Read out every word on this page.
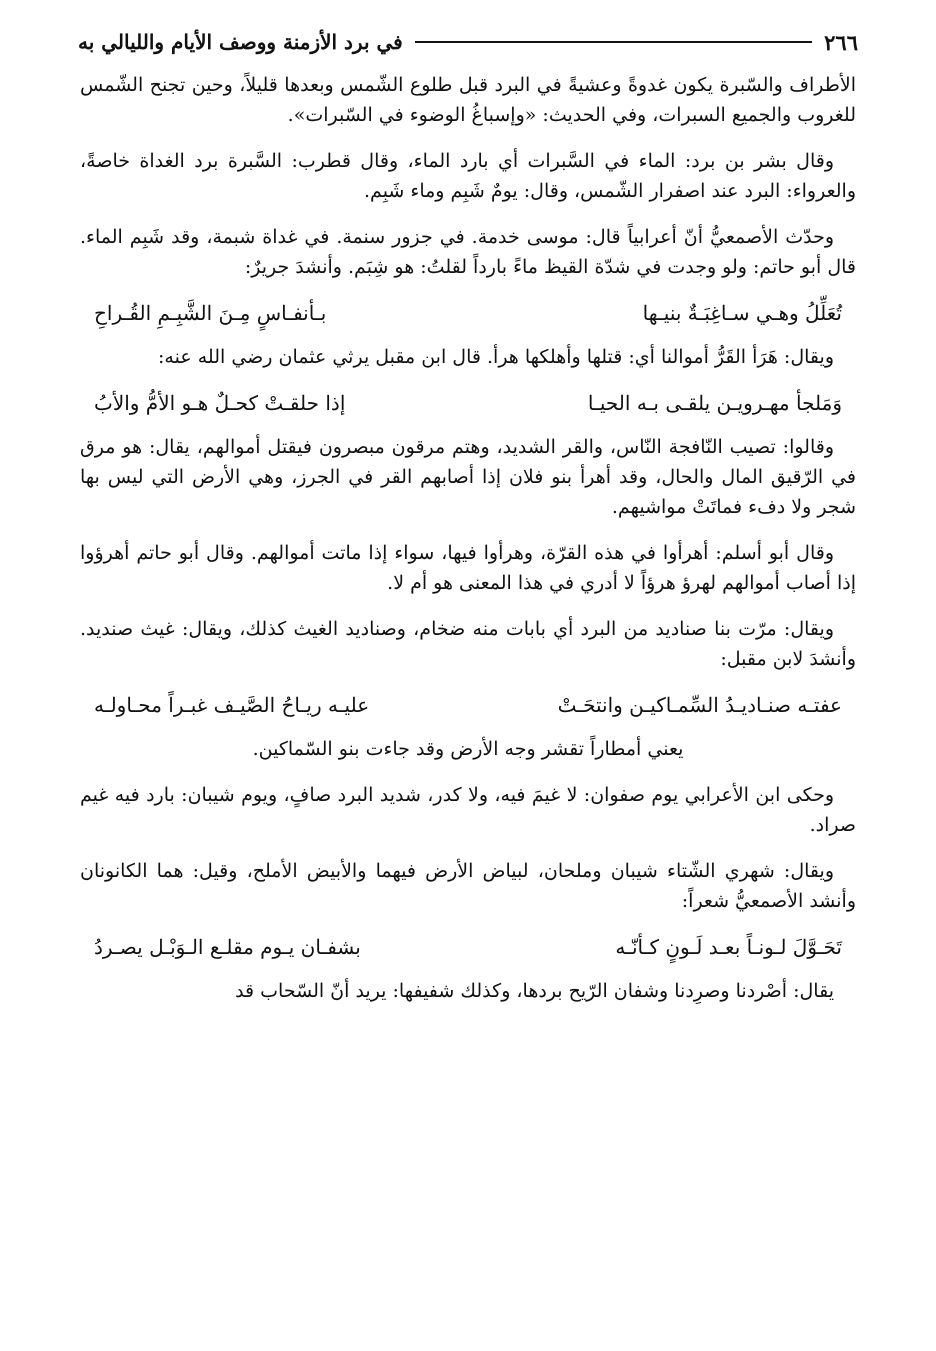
٢٦٦
في برد الأزمنة ووصف الأيام والليالي به

الأطراف والسّبرة يكون غدوةً وعشيةً في البرد قبل طلوع الشّمس وبعدها قليلاً، وحين تجنح الشّمس للغروب والجميع السبرات، وفي الحديث: «وإسباغُ الوضوء في السّبرات».

وقال بشر بن برد: الماء في السَّبرات أي بارد الماء، وقال قطرب: السَّبرة برد الغداة خاصةً، والعرواء: البرد عند اصفرار الشّمس، وقال: يومٌ شَبِم وماء شَبِم.

وحدّث الأصمعيُّ أنّ أعرابياً قال: موسى خدمة. في جزور سنمة. في غداة شبمة، وقد شَبِم الماء. قال أبو حاتم: ولو وجدت في شدّة القيظ ماءً بارداً لقلتُ: هو شِبَم. وأنشدَ جريرٌ:

تُعَلِّلُ وهـي سـاغِبَـةٌ بنيـها
بـأنفـاسٍ مِـنَ الشَّبِـمِ القُـراحِ

ويقال: هَرَأ القَرُّ أموالنا أي: قتلها وأهلكها هرأ. قال ابن مقبل يرثي عثمان رضي الله عنه:

وَمَلجأ مهـرويـن يلقـى بـه الحيـا
إذا حلقـتْ كحـلٌ هـو الأمُّ والأبُ

وقالوا: تصيب النّافجة النّاس، والقر الشديد، وهتم مرقون مبصرون فيقتل أموالهم، يقال: هو مرق في الرّقيق المال والحال، وقد أهرأ بنو فلان إذا أصابهم القر في الجرز، وهي الأرض التي ليس بها شجر ولا دفء فماتَتْ مواشيهم.

وقال أبو أسلم: أهرأوا في هذه القرّة، وهرأوا فيها، سواء إذا ماتت أموالهم. وقال أبو حاتم أهرؤوا إذا أصاب أموالهم لهرؤ هرؤاً لا أدري في هذا المعنى هو أم لا.

ويقال: مرّت بنا صناديد من البرد أي بابات منه ضخام، وصناديد الغيث كذلك، ويقال: غيث صنديد. وأنشدَ لابن مقبل:

عفتـه صنـاديـدُ السِّمـاكيـن وانتحَـتْ
عليـه ريـاحُ الصَّيـف غبـراً محـاولـه

يعني أمطاراً تقشر وجه الأرض وقد جاءت بنو السّماكين.

وحكى ابن الأعرابي يوم صفوان: لا غيمَ فيه، ولا كدر، شديد البرد صافٍ، ويوم شيبان: بارد فيه غيم صراد.

ويقال: شهري الشّتاء شيبان وملحان، لبياض الأرض فيهما والأبيض الأملح، وقيل: هما الكانونان وأنشد الأصمعيُّ شعراً:

تَحَـوَّلَ لـونـاً بعـد لَـونٍ كـأنّـه
بشفـان يـوم مقلـع الـوَبْـل يصـردُ

يقال: أصْردنا وصرِدنا وشفان الرّيح بردها، وكذلك شفيفها: يريد أنّ السّحاب قد
